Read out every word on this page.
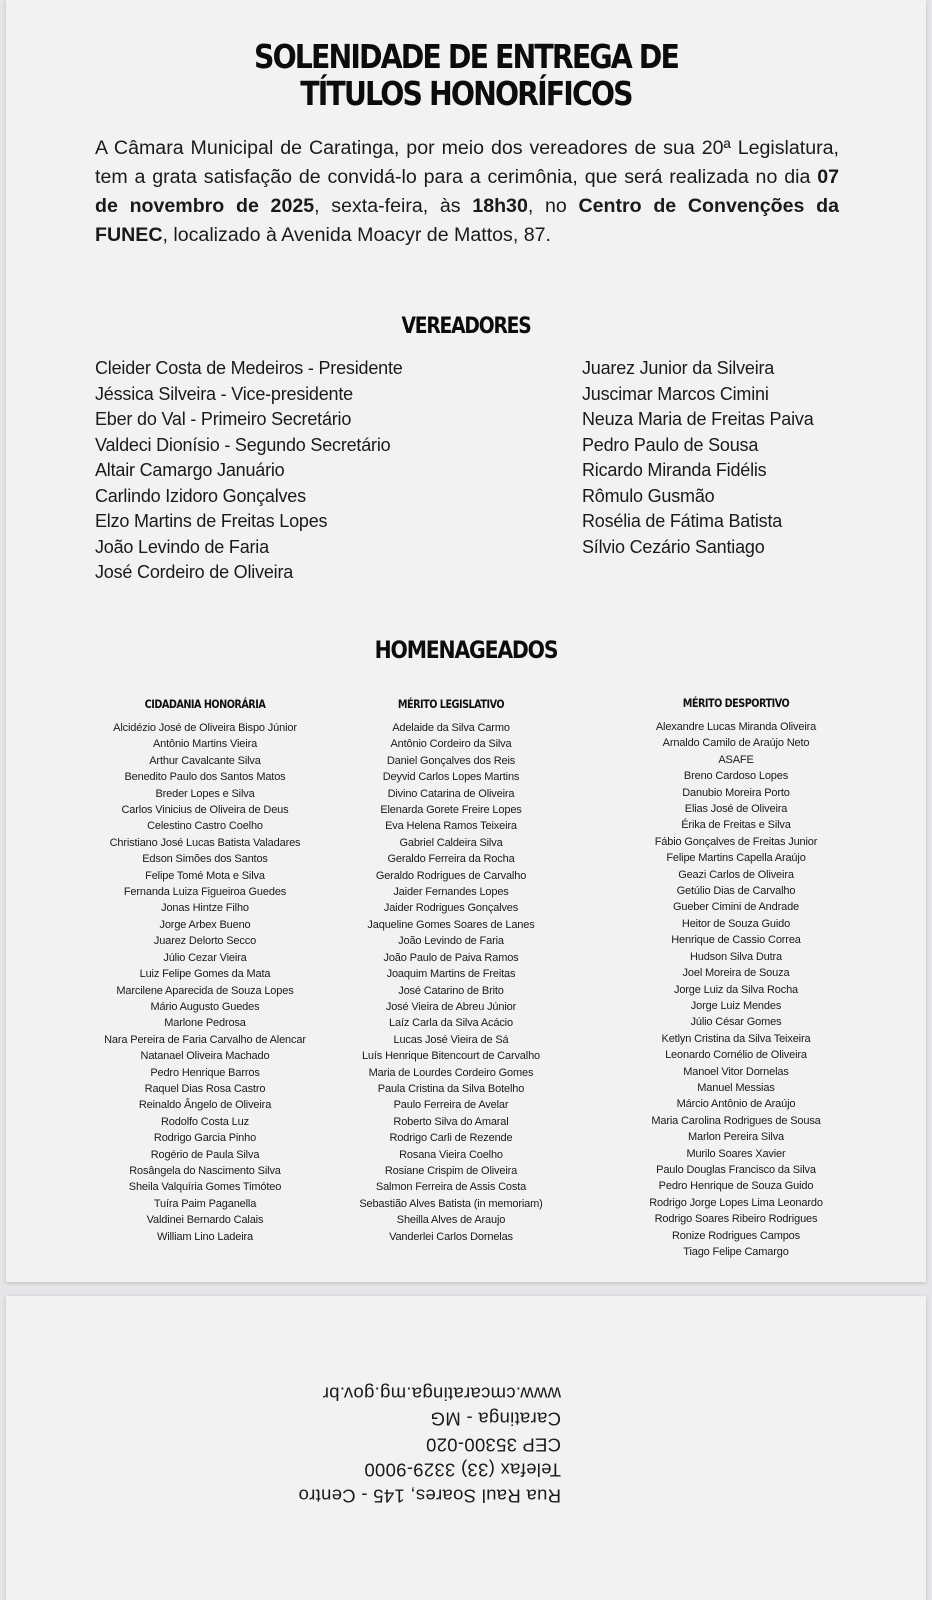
SOLENIDADE DE ENTREGA DE
TÍTULOS HONORÍFICOS

A Câmara Municipal de Caratinga, por meio dos vereadores de sua 20ª Legislatura, tem a grata satisfação de convidá-lo para a cerimônia, que será realizada no dia 07 de novembro de 2025, sexta-feira, às 18h30, no Centro de Convenções da FUNEC, localizado à Avenida Moacyr de Mattos, 87.

VEREADORES
Cleider Costa de Medeiros - Presidente
Jéssica Silveira - Vice-presidente
Eber do Val - Primeiro Secretário
Valdeci Dionísio - Segundo Secretário
Altair Camargo Januário
Carlindo Izidoro Gonçalves
Elzo Martins de Freitas Lopes
João Levindo de Faria
José Cordeiro de Oliveira
Juarez Junior da Silveira
Juscimar Marcos Cimini
Neuza Maria de Freitas Paiva
Pedro Paulo de Sousa
Ricardo Miranda Fidélis
Rômulo Gusmão
Rosélia de Fátima Batista
Sílvio Cezário Santiago
HOMENAGEADOS
CIDADANIA HONORÁRIA
Alcidézio José de Oliveira Bispo Júnior
Antônio Martins Vieira
Arthur Cavalcante Silva
Benedito Paulo dos Santos Matos
Breder Lopes e Silva
Carlos Vinicius de Oliveira de Deus
Celestino Castro Coelho
Christiano José Lucas Batista Valadares
Edson Simões dos Santos
Felipe Tomé Mota e Silva
Fernanda Luiza Figueiroa Guedes
Jonas Hintze Filho
Jorge Arbex Bueno
Juarez Delorto Secco
Júlio Cezar Vieira
Luiz Felipe Gomes da Mata
Marcilene Aparecida de Souza Lopes
Mário Augusto Guedes
Marlone Pedrosa
Nara Pereira de Faria Carvalho de Alencar
Natanael Oliveira Machado
Pedro Henrique Barros
Raquel Dias Rosa Castro
Reinaldo Ângelo de Oliveira
Rodolfo Costa Luz
Rodrigo Garcia Pinho
Rogério de Paula Silva
Rosângela do Nascimento Silva
Sheila Valquíria Gomes Timóteo
Tuíra Paim Paganella
Valdinei Bernardo Calais
William Lino Ladeira
MÉRITO LEGISLATIVO
Adelaide da Silva Carmo
Antônio Cordeiro da Silva
Daniel Gonçalves dos Reis
Deyvid Carlos Lopes Martins
Divino Catarina de Oliveira
Elenarda Gorete Freire Lopes
Eva Helena Ramos Teixeira
Gabriel Caldeira Silva
Geraldo Ferreira da Rocha
Geraldo Rodrigues de Carvalho
Jaider Fernandes Lopes
Jaider Rodrigues Gonçalves
Jaqueline Gomes Soares de Lanes
João Levindo de Faria
João Paulo de Paiva Ramos
Joaquim Martins de Freitas
José Catarino de Brito
José Vieira de Abreu Júnior
Laíz Carla da Silva Acácio
Lucas José Vieira de Sá
Luís Henrique Bitencourt de Carvalho
Maria de Lourdes Cordeiro Gomes
Paula Cristina da Silva Botelho
Paulo Ferreira de Avelar
Roberto Silva do Amaral
Rodrigo Carli de Rezende
Rosana Vieira Coelho
Rosiane Crispim de Oliveira
Salmon Ferreira de Assis Costa
Sebastião Alves Batista (in memoriam)
Sheilla Alves de Araujo
Vanderlei Carlos Dornelas
MÉRITO DESPORTIVO
Alexandre Lucas Miranda Oliveira
Arnaldo Camilo de Araújo Neto
ASAFE
Breno Cardoso Lopes
Danubio Moreira Porto
Elias José de Oliveira
Érika de Freitas e Silva
Fábio Gonçalves de Freitas Junior
Felipe Martins Capella Araújo
Geazi Carlos de Oliveira
Getúlio Dias de Carvalho
Gueber Cimini de Andrade
Heitor de Souza Guido
Henrique de Cassio Correa
Hudson Silva Dutra
Joel Moreira de Souza
Jorge Luiz da Silva Rocha
Jorge Luiz Mendes
Júlio César Gomes
Ketlyn Cristina da Silva Teixeira
Leonardo Cornélio de Oliveira
Manoel Vitor Dornelas
Manuel Messias
Márcio Antônio de Araújo
Maria Carolina Rodrigues de Sousa
Marlon Pereira Silva
Murilo Soares Xavier
Paulo Douglas Francisco da Silva
Pedro Henrique de Souza Guido
Rodrigo Jorge Lopes Lima Leonardo
Rodrigo Soares Ribeiro Rodrigues
Ronize Rodrigues Campos
Tiago Felipe Camargo
Rua Raul Soares, 145 - Centro
Telefax (33) 3329-9000
CEP 35300-020
Caratinga - MG
www.cmcaratinga.mg.gov.br
